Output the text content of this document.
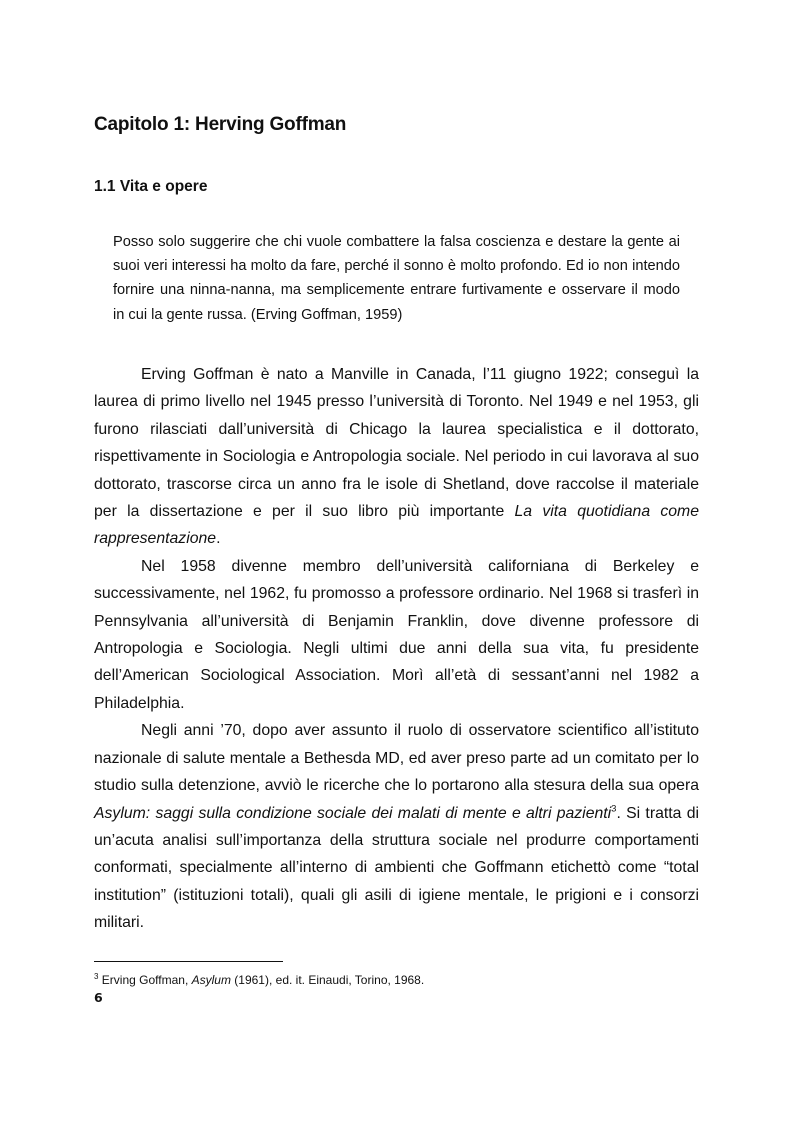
Capitolo 1: Herving Goffman
1.1 Vita e opere

Posso solo suggerire che chi vuole combattere la falsa coscienza e destare la gente ai suoi veri interessi ha molto da fare, perché il sonno è molto profondo. Ed io non intendo fornire una ninna-nanna, ma semplicemente entrare furtivamente e osservare il modo in cui la gente russa. (Erving Goffman, 1959)

Erving Goffman è nato a Manville in Canada, l’11 giugno 1922; conseguì la laurea di primo livello nel 1945 presso l’università di Toronto. Nel 1949 e nel 1953, gli furono rilasciati dall’università di Chicago la laurea specialistica e il dottorato, rispettivamente in Sociologia e Antropologia sociale. Nel periodo in cui lavorava al suo dottorato, trascorse circa un anno fra le isole di Shetland, dove raccolse il materiale per la dissertazione e per il suo libro più importante La vita quotidiana come rappresentazione.

Nel 1958 divenne membro dell’università californiana di Berkeley e successivamente, nel 1962, fu promosso a professore ordinario. Nel 1968 si trasferì in Pennsylvania all’università di Benjamin Franklin, dove divenne professore di Antropologia e Sociologia. Negli ultimi due anni della sua vita, fu presidente dell’American Sociological Association. Morì all’età di sessant’anni nel 1982 a Philadelphia.

Negli anni ’70, dopo aver assunto il ruolo di osservatore scientifico all’istituto nazionale di salute mentale a Bethesda MD, ed aver preso parte ad un comitato per lo studio sulla detenzione, avviò le ricerche che lo portarono alla stesura della sua opera Asylum: saggi sulla condizione sociale dei malati di mente e altri pazienti$^3$. Si tratta di un’acuta analisi sull’importanza della struttura sociale nel produrre comportamenti conformati, specialmente all’interno di ambienti che Goffmann etichettò come “total institution” (istituzioni totali), quali gli asili di igiene mentale, le prigioni e i consorzi militari.

$^3$ Erving Goffman, Asylum (1961), ed. it. Einaudi, Torino, 1968.

6
